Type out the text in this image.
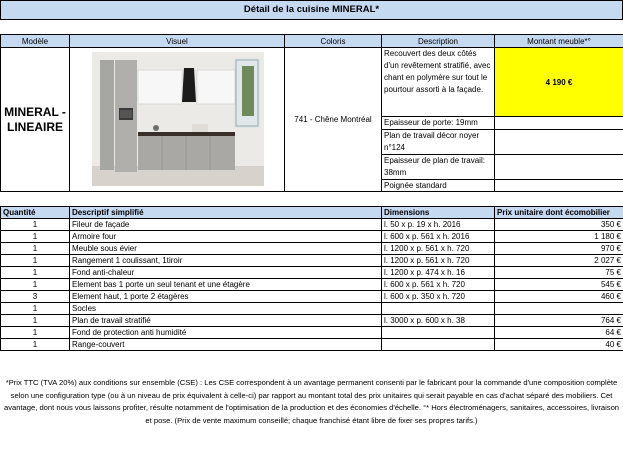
Détail de la cuisine MINERAL*
Modèle	Visuel	Coloris	Description	Montant meuble*°
MINERAL -
LINEAIRE		741 - Chêne Montréal	Recouvert des deux côtés d'un revêtement stratifié, avec chant en polymère sur tout le pourtour assorti à la façade.	4 190 €
			Epaisseur de porte: 19mm	
			Plan de travail décor noyer n°124	
			Epaisseur de plan de travail: 38mm	
			Poignée standard	
Quantité	Descriptif simplifié	Dimensions	Prix unitaire dont écomobilier
1	Fileur de façade	l. 50 x p. 19 x h. 2016	350 €
1	Armoire four	l. 600 x p. 561 x h. 2016	1 180 €
1	Meuble sous évier	l. 1200 x p. 561 x h. 720	970 €
1	Rangement 1 coulissant, 1tiroir	l. 1200 x p. 561 x h. 720	2 027 €
1	Fond anti-chaleur	l. 1200 x p. 474 x h. 16	75 €
1	Element bas 1 porte un seul tenant et une étagère	l. 600 x p. 561 x h. 720	545 €
3	Element haut, 1 porte 2 étagères	l. 600 x p. 350 x h. 720	460 €
1	Socles		
1	Plan de travail stratifié	l. 3000 x p. 600 x h. 38	764 €
1	Fond de protection anti humidité		64 €
1	Range-couvert		40 €
*Prix TTC (TVA 20%) aux conditions sur ensemble (CSE) : Les CSE correspondent à un avantage permanent consenti par le fabricant pour la commande d'une composition complète selon une configuration type (ou à un niveau de prix équivalent à celle-ci) par rapport au montant total des prix unitaires qui serait payable en cas d'achat séparé des mobiliers. Cet avantage, dont nous vous laissons profiter, résulte notamment de l'optimisation de la production et des économies d'échelle. °* Hors électroménagers, sanitaires, accessoires, livraison et pose. (Prix de vente maximum conseillé; chaque franchisé étant libre de fixer ses propres tarifs.)
